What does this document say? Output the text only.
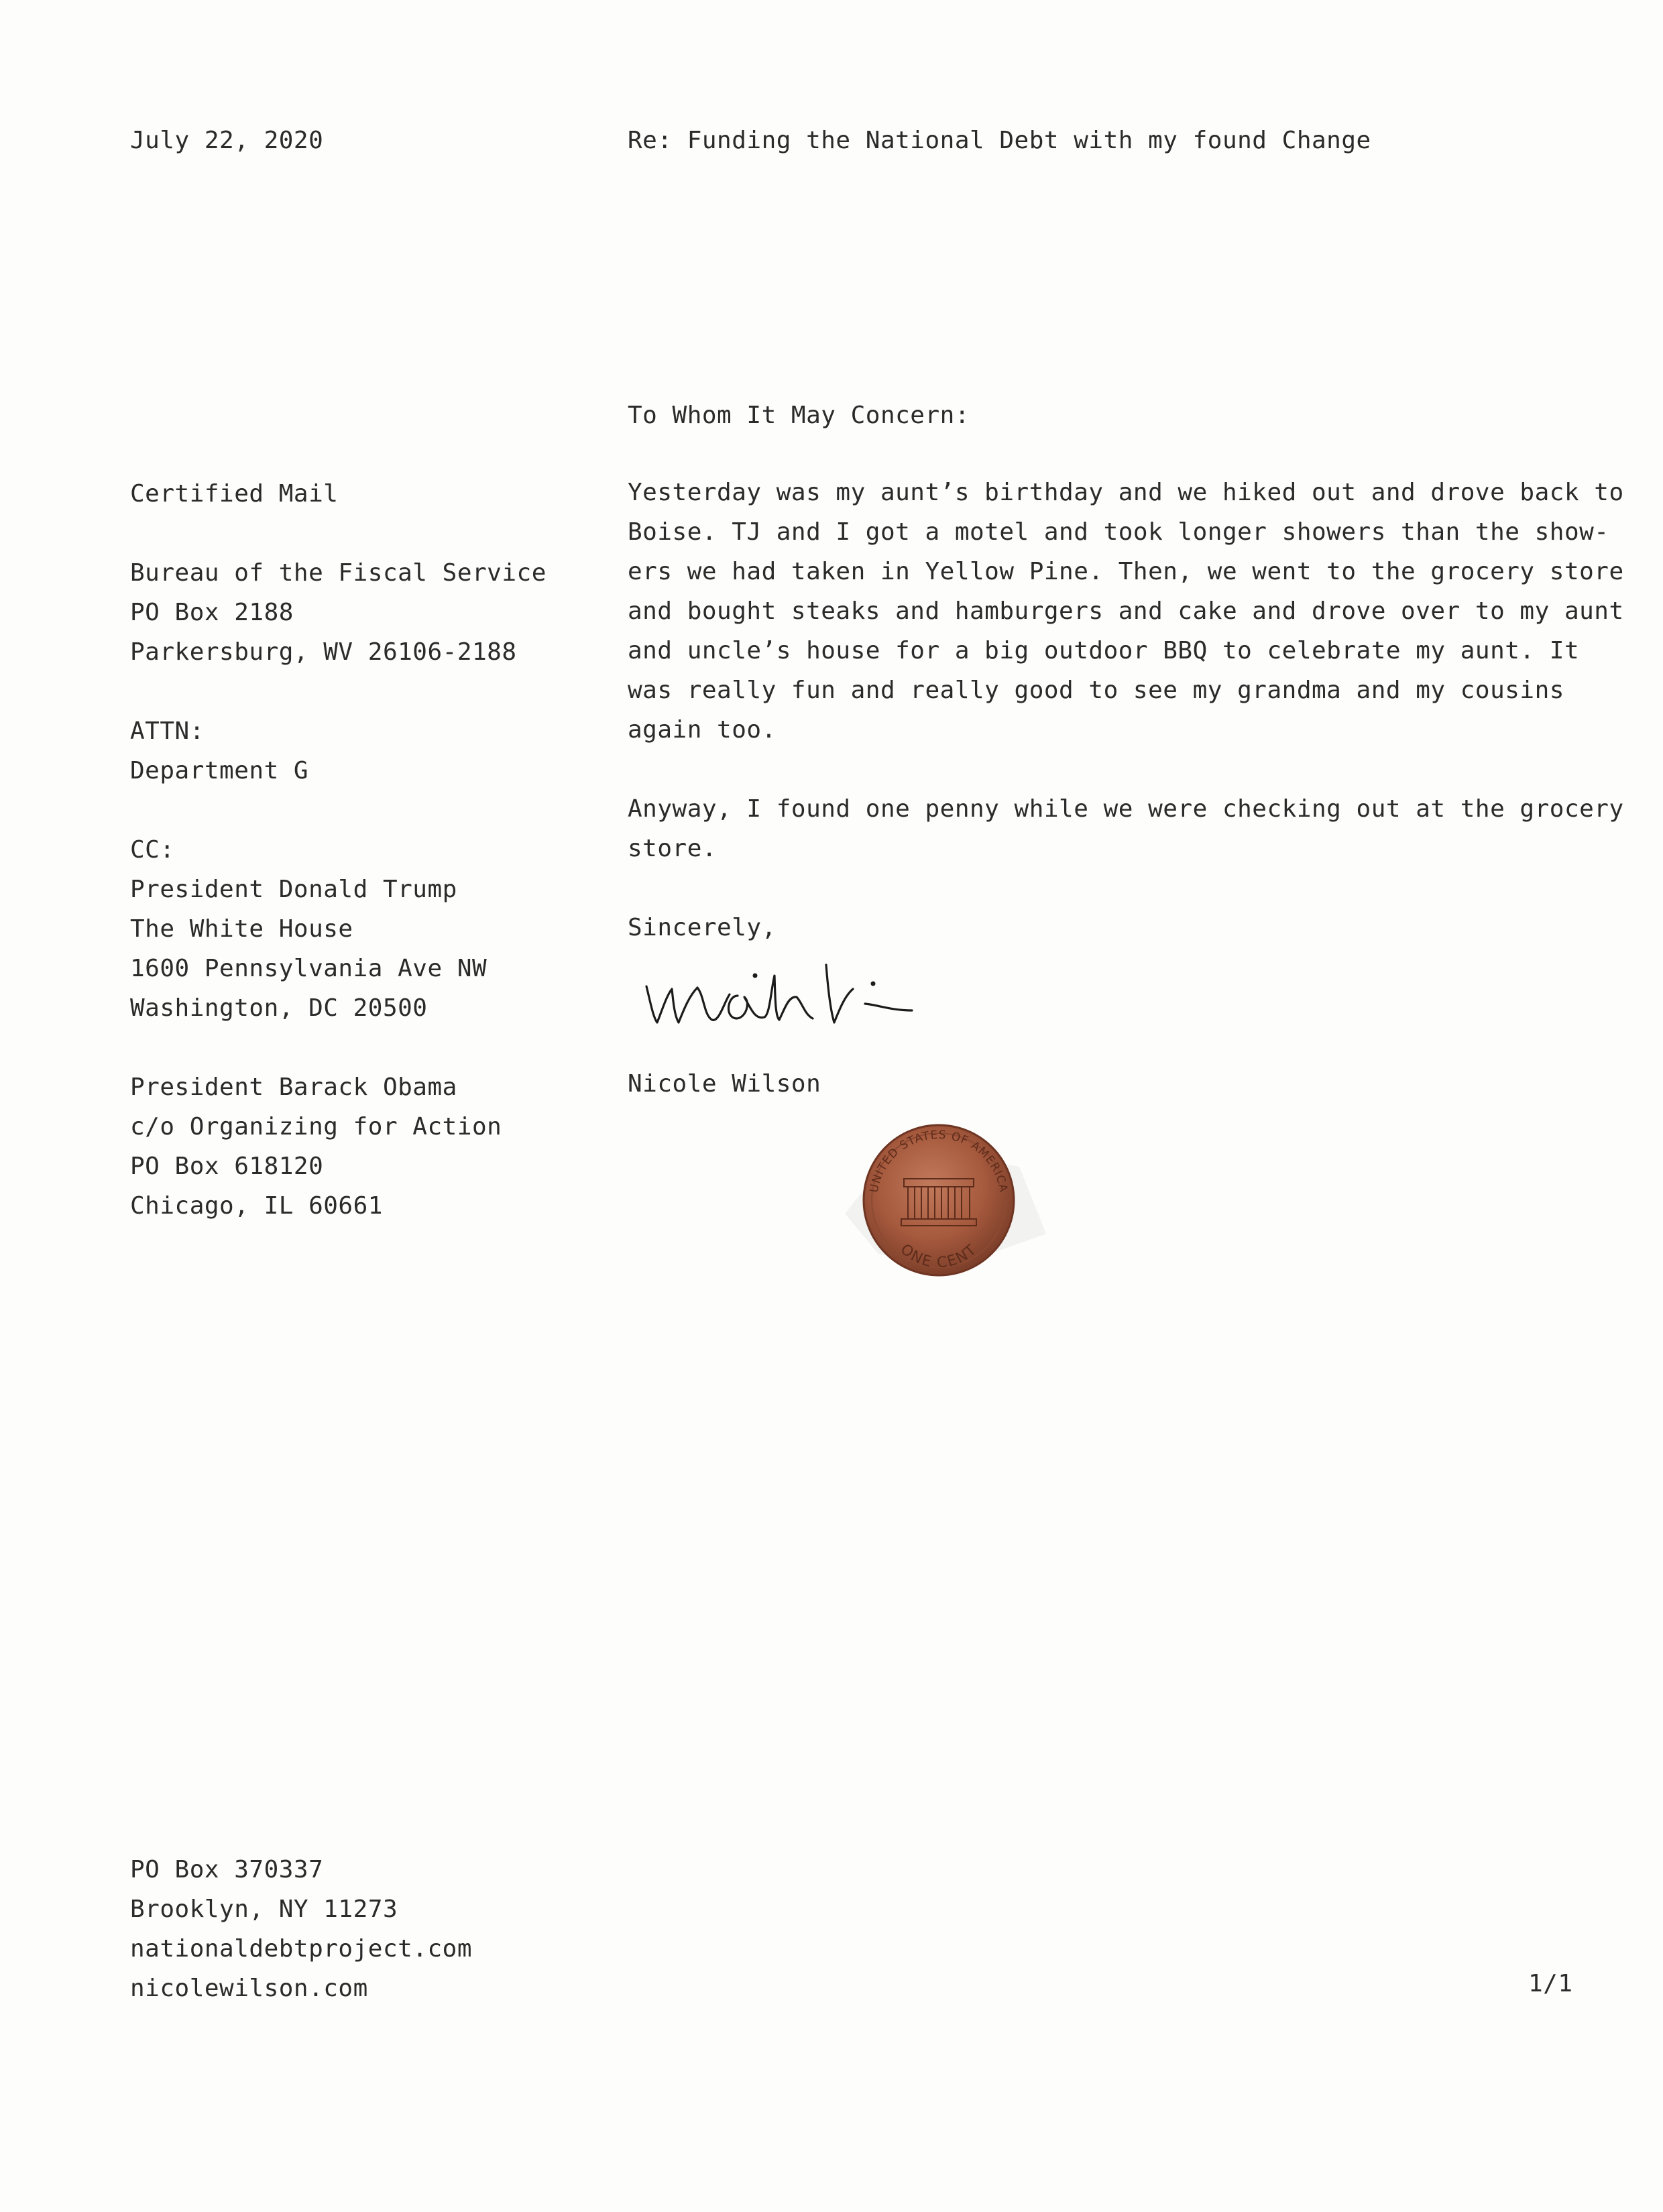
July 22, 2020	Re: Funding the National Debt with my found Change
Certified Mail
Bureau of the Fiscal Service
PO Box 2188
Parkersburg, WV 26106-2188
ATTN:
Department G
CC:
President Donald Trump
The White House
1600 Pennsylvania Ave NW
Washington, DC 20500
President Barack Obama
c/o Organizing for Action
PO Box 618120
Chicago, IL 60661
To Whom It May Concern:
Yesterday was my aunt’s birthday and we hiked out and drove back to
Boise. TJ and I got a motel and took longer showers than the show-
ers we had taken in Yellow Pine. Then, we went to the grocery store
and bought steaks and hamburgers and cake and drove over to my aunt
and uncle’s house for a big outdoor BBQ to celebrate my aunt. It
was really fun and really good to see my grandma and my cousins
again too.
Anyway, I found one penny while we were checking out at the grocery
store.
Sincerely,
Nicole Wilson
UNITED STATES OF AMERICA
ONE CENT
PO Box 370337
Brooklyn, NY 11273
nationaldebtproject.com
nicolewilson.com	1/1
